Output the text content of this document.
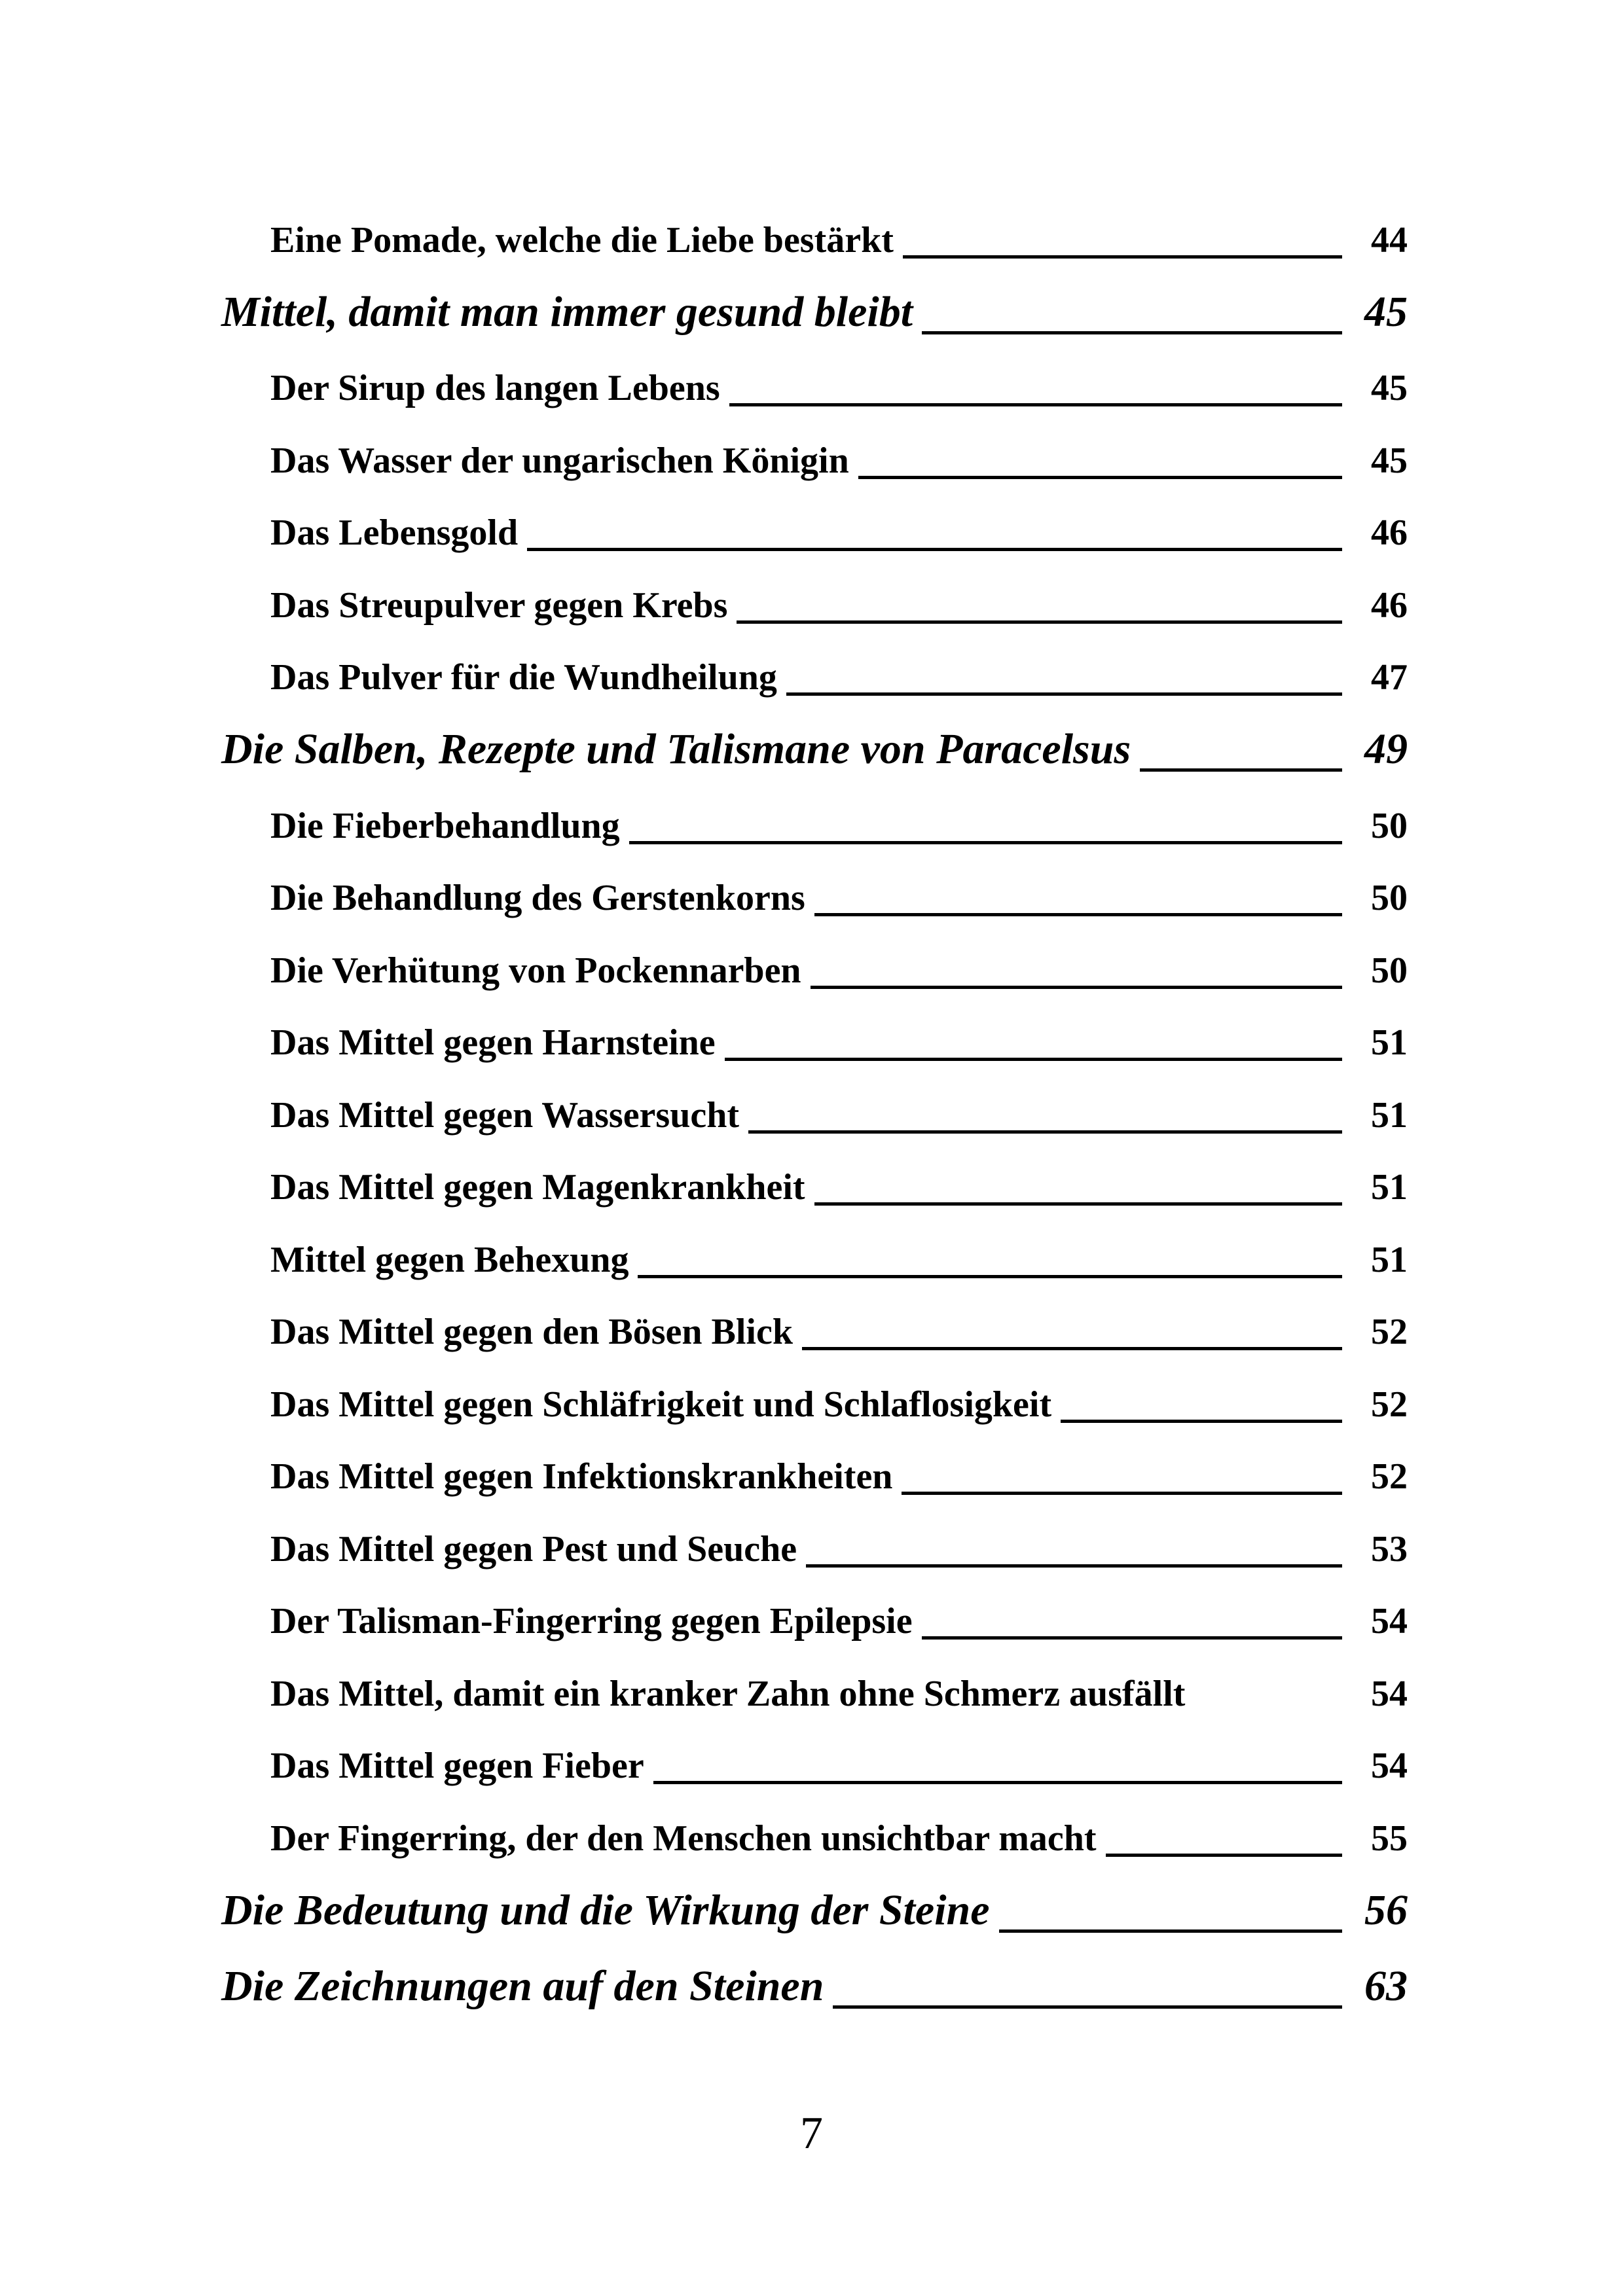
Eine Pomade, welche die Liebe bestärkt	44
Mittel, damit man immer gesund bleibt	45
Der Sirup des langen Lebens	45
Das Wasser der ungarischen Königin	45
Das Lebensgold	46
Das Streupulver gegen Krebs	46
Das Pulver für die Wundheilung	47
Die Salben, Rezepte und Talismane von Paracelsus	49
Die Fieberbehandlung	50
Die Behandlung des Gerstenkorns	50
Die Verhütung von Pockennarben	50
Das Mittel gegen Harnsteine	51
Das Mittel gegen Wassersucht	51
Das Mittel gegen Magenkrankheit	51
Mittel gegen Behexung	51
Das Mittel gegen den Bösen Blick	52
Das Mittel gegen Schläfrigkeit und Schlaflosigkeit	52
Das Mittel gegen Infektionskrankheiten	52
Das Mittel gegen Pest und Seuche	53
Der Talisman-Fingerring gegen Epilepsie	54
Das Mittel, damit ein kranker Zahn ohne Schmerz ausfällt	54
Das Mittel gegen Fieber	54
Der Fingerring, der den Menschen unsichtbar macht	55
Die Bedeutung und die Wirkung der Steine	56
Die Zeichnungen auf den Steinen	63
7
